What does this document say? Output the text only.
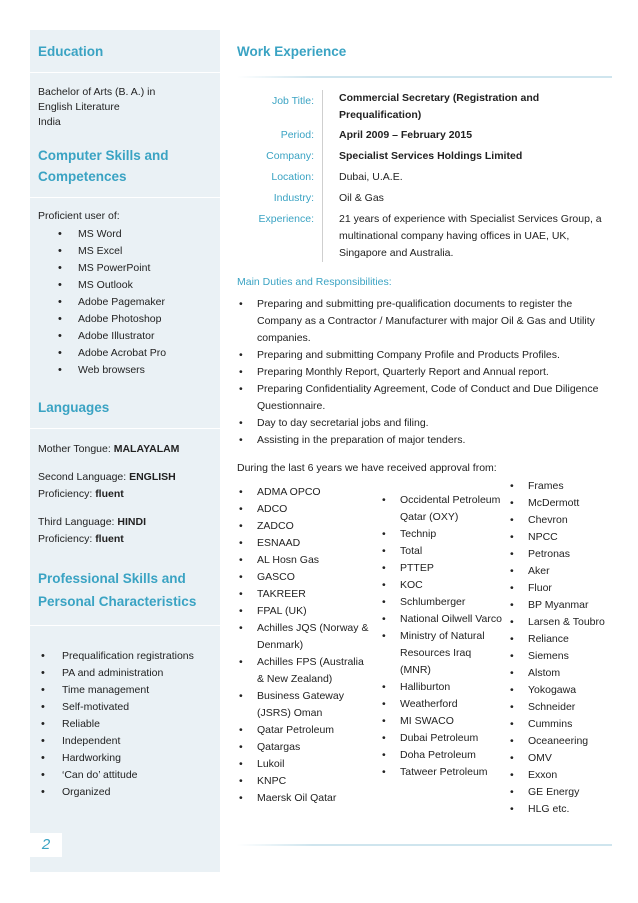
Education
Bachelor of Arts (B. A.) in
English Literature
India
Computer Skills and
Competences
Proficient user of:
• MS Word
• MS Excel
• MS PowerPoint
• MS Outlook
• Adobe Pagemaker
• Adobe Photoshop
• Adobe Illustrator
• Adobe Acrobat Pro
• Web browsers
Languages
Mother Tongue: MALAYALAM
Second Language: ENGLISH
Proficiency: fluent
Third Language: HINDI
Proficiency: fluent
Professional Skills and
Personal Characteristics
• Prequalification registrations
• PA and administration
• Time management
• Self-motivated
• Reliable
• Independent
• Hardworking
• ‘Can do’ attitude
• Organized
2
Work Experience
Job Title:	Commercial Secretary (Registration and
Prequalification)

Period:	April 2009 – February 2015
Company:	Specialist Services Holdings Limited
Location:	Dubai, U.A.E.
Industry:	Oil & Gas
Experience:	21 years of experience with Specialist Services Group, a multinational company having offices in UAE, UK, Singapore and Australia.
Main Duties and Responsibilities:
• Preparing and submitting pre-qualification documents to register the Company as a Contractor / Manufacturer with major Oil & Gas and Utility companies.
• Preparing and submitting Company Profile and Products Profiles.
• Preparing Monthly Report, Quarterly Report and Annual report.
• Preparing Confidentiality Agreement, Code of Conduct and Due Diligence Questionnaire.
• Day to day secretarial jobs and filing.
• Assisting in the preparation of major tenders.
During the last 6 years we have received approval from:
• ADMA OPCO
• ADCO
• ZADCO
• ESNAAD
• AL Hosn Gas
• GASCO
• TAKREER
• FPAL (UK)
• Achilles JQS (Norway & Denmark)
• Achilles FPS (Australia & New Zealand)
• Business Gateway (JSRS) Oman
• Qatar Petroleum
• Qatargas
• Lukoil
• KNPC
• Maersk Oil Qatar
• Occidental Petroleum Qatar (OXY)
• Technip
• Total
• PTTEP
• KOC
• Schlumberger
• National Oilwell Varco
• Ministry of Natural Resources Iraq (MNR)
• Halliburton
• Weatherford
• MI SWACO
• Dubai Petroleum
• Doha Petroleum
• Tatweer Petroleum
• Frames
• McDermott
• Chevron
• NPCC
• Petronas
• Aker
• Fluor
• BP Myanmar
• Larsen & Toubro
• Reliance
• Siemens
• Alstom
• Yokogawa
• Schneider
• Cummins
• Oceaneering
• OMV
• Exxon
• GE Energy
• HLG etc.
